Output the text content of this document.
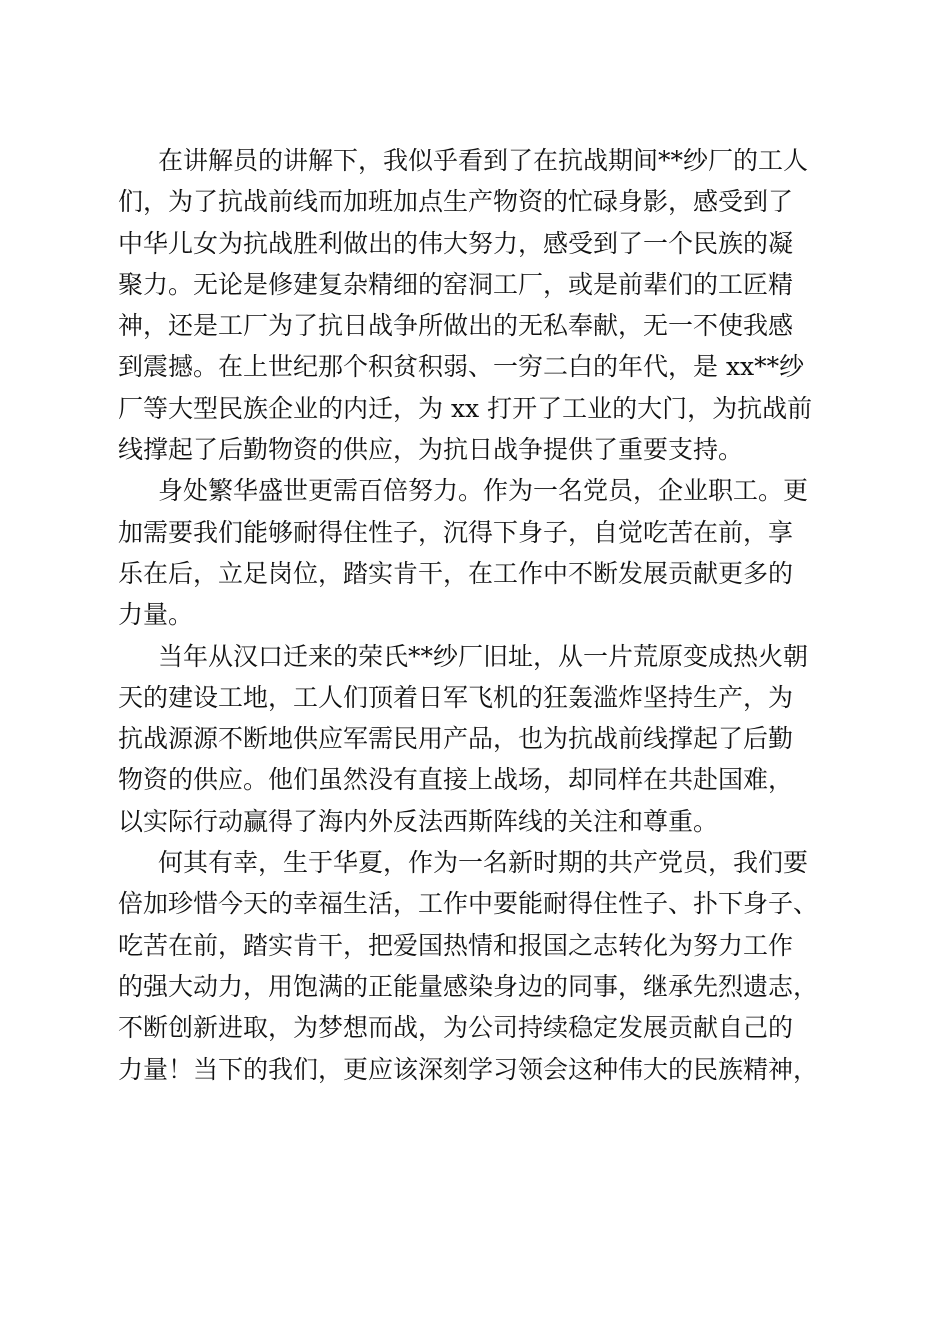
在讲解员的讲解下，我似乎看到了在抗战期间**纱厂的工人
们，为了抗战前线而加班加点生产物资的忙碌身影，感受到了
中华儿女为抗战胜利做出的伟大努力，感受到了一个民族的凝
聚力。无论是修建复杂精细的窑洞工厂，或是前辈们的工匠精
神，还是工厂为了抗日战争所做出的无私奉献，无一不使我感
到震撼。在上世纪那个积贫积弱、一穷二白的年代，是 xx**纱
厂等大型民族企业的内迁，为 xx 打开了工业的大门，为抗战前
线撑起了后勤物资的供应，为抗日战争提供了重要支持。
身处繁华盛世更需百倍努力。作为一名党员，企业职工。更
加需要我们能够耐得住性子，沉得下身子，自觉吃苦在前，享
乐在后，立足岗位，踏实肯干，在工作中不断发展贡献更多的
力量。
当年从汉口迁来的荣氏**纱厂旧址，从一片荒原变成热火朝
天的建设工地，工人们顶着日军飞机的狂轰滥炸坚持生产，为
抗战源源不断地供应军需民用产品，也为抗战前线撑起了后勤
物资的供应。他们虽然没有直接上战场，却同样在共赴国难，
以实际行动赢得了海内外反法西斯阵线的关注和尊重。
何其有幸，生于华夏，作为一名新时期的共产党员，我们要
倍加珍惜今天的幸福生活，工作中要能耐得住性子、扑下身子、
吃苦在前，踏实肯干，把爱国热情和报国之志转化为努力工作
的强大动力，用饱满的正能量感染身边的同事，继承先烈遗志，
不断创新进取，为梦想而战，为公司持续稳定发展贡献自己的
力量！当下的我们，更应该深刻学习领会这种伟大的民族精神，
